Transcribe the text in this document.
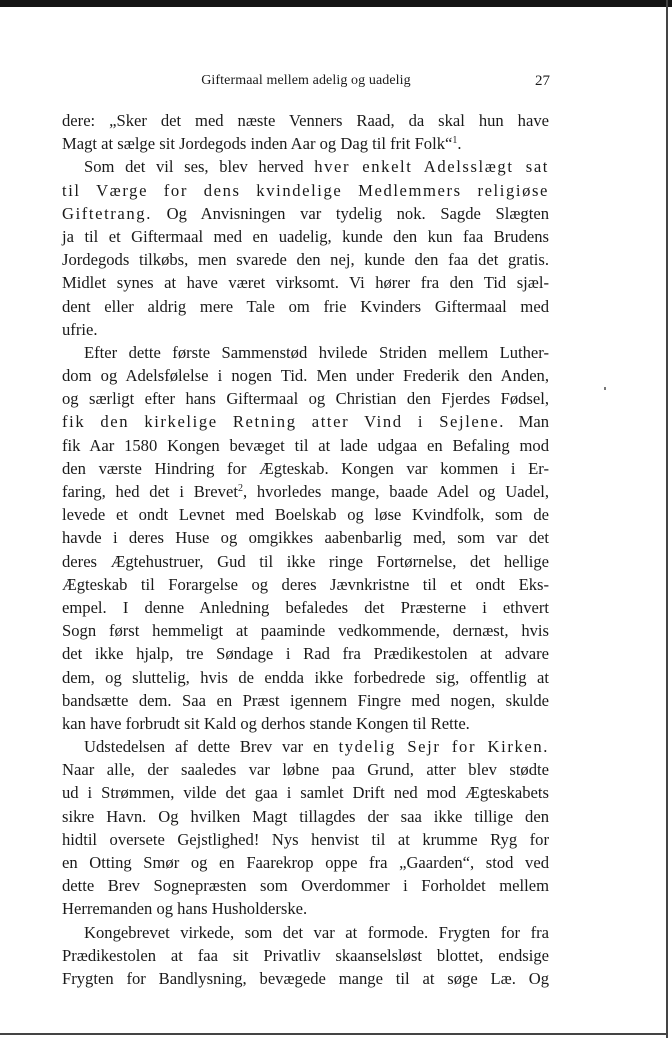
Giftermaal mellem adelig og uadelig	27
dere: „Sker det med næste Venners Raad, da skal hun have
Magt at sælge sit Jordegods inden Aar og Dag til frit Folk“$^1$.
Som det vil ses, blev herved hver enkelt Adelsslægt sat
til Værge for dens kvindelige Medlemmers religiøse
Giftetrang. Og Anvisningen var tydelig nok. Sagde Slægten
ja til et Giftermaal med en uadelig, kunde den kun faa Brudens
Jordegods tilkøbs, men svarede den nej, kunde den faa det gratis.
Midlet synes at have været virksomt. Vi hører fra den Tid sjæl-
dent eller aldrig mere Tale om frie Kvinders Giftermaal med
ufrie.
Efter dette første Sammenstød hvilede Striden mellem Luther-
dom og Adelsfølelse i nogen Tid. Men under Frederik den Anden,
og særligt efter hans Giftermaal og Christian den Fjerdes Fødsel,
fik den kirkelige Retning atter Vind i Sejlene. Man
fik Aar 1580 Kongen bevæget til at lade udgaa en Befaling mod
den værste Hindring for Ægteskab. Kongen var kommen i Er-
faring, hed det i Brevet$^2$, hvorledes mange, baade Adel og Uadel,
levede et ondt Levnet med Boelskab og løse Kvindfolk, som de
havde i deres Huse og omgikkes aabenbarlig med, som var det
deres Ægtehustruer, Gud til ikke ringe Fortørnelse, det hellige
Ægteskab til Forargelse og deres Jævnkristne til et ondt Eks-
empel. I denne Anledning befaledes det Præsterne i ethvert
Sogn først hemmeligt at paaminde vedkommende, dernæst, hvis
det ikke hjalp, tre Søndage i Rad fra Prædikestolen at advare
dem, og sluttelig, hvis de endda ikke forbedrede sig, offentlig at
bandsætte dem. Saa en Præst igennem Fingre med nogen, skulde
kan have forbrudt sit Kald og derhos stande Kongen til Rette.
Udstedelsen af dette Brev var en tydelig Sejr for Kirken.
Naar alle, der saaledes var løbne paa Grund, atter blev stødte
ud i Strømmen, vilde det gaa i samlet Drift ned mod Ægteskabets
sikre Havn. Og hvilken Magt tillagdes der saa ikke tillige den
hidtil oversete Gejstlighed! Nys henvist til at krumme Ryg for
en Otting Smør og en Faarekrop oppe fra „Gaarden“, stod ved
dette Brev Sognepræsten som Overdommer i Forholdet mellem
Herremanden og hans Husholderske.
Kongebrevet virkede, som det var at formode. Frygten for fra
Prædikestolen at faa sit Privatliv skaanselsløst blottet, endsige
Frygten for Bandlysning, bevægede mange til at søge Læ. Og
